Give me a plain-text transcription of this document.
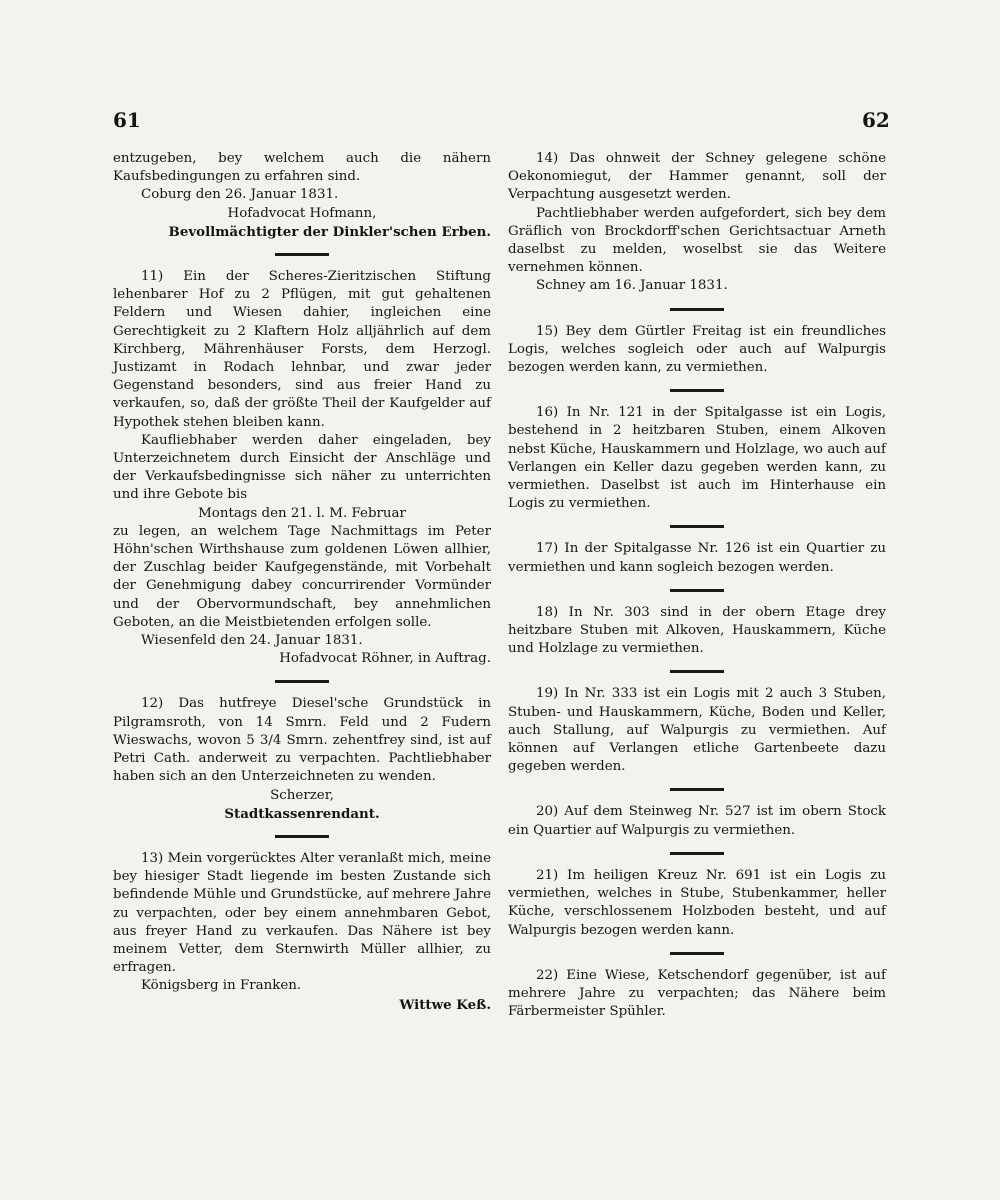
61	62

entzugeben, bey welchem auch die nähern Kaufsbedingungen zu erfahren sind.

Coburg den 26. Januar 1831.

Hofadvocat Hofmann,

Bevollmächtigter der Dinkler'schen Erben.

11) Ein der Scheres-Zieritzischen Stiftung lehenbarer Hof zu 2 Pflügen, mit gut gehaltenen Feldern und Wiesen dahier, ingleichen eine Gerechtigkeit zu 2 Klaftern Holz alljährlich auf dem Kirchberg, Mährenhäuser Forsts, dem Herzogl. Justizamt in Rodach lehnbar, und zwar jeder Gegenstand besonders, sind aus freier Hand zu verkaufen, so, daß der größte Theil der Kaufgelder auf Hypothek stehen bleiben kann.

Kaufliebhaber werden daher eingeladen, bey Unterzeichnetem durch Einsicht der Anschläge und der Verkaufsbedingnisse sich näher zu unterrichten und ihre Gebote bis

Montags den 21. l. M. Februar

zu legen, an welchem Tage Nachmittags im Peter Höhn'schen Wirthshause zum goldenen Löwen allhier, der Zuschlag beider Kaufgegenstände, mit Vorbehalt der Genehmigung dabey concurrirender Vormünder und der Obervormundschaft, bey annehmlichen Geboten, an die Meistbietenden erfolgen solle.

Wiesenfeld den 24. Januar 1831.

Hofadvocat Röhner, in Auftrag.

12) Das hutfreye Diesel'sche Grundstück in Pilgramsroth, von 14 Smrn. Feld und 2 Fudern Wieswachs, wovon 5 3/4 Smrn. zehentfrey sind, ist auf Petri Cath. anderweit zu verpachten. Pachtliebhaber haben sich an den Unterzeichneten zu wenden.

Scherzer,

Stadtkassenrendant.

13) Mein vorgerücktes Alter veranlaßt mich, meine bey hiesiger Stadt liegende im besten Zustande sich befindende Mühle und Grundstücke, auf mehrere Jahre zu verpachten, oder bey einem annehmbaren Gebot, aus freyer Hand zu verkaufen. Das Nähere ist bey meinem Vetter, dem Sternwirth Müller allhier, zu erfragen.

Königsberg in Franken.

Wittwe Keß.

14) Das ohnweit der Schney gelegene schöne Oekonomiegut, der Hammer genannt, soll der Verpachtung ausgesetzt werden.

Pachtliebhaber werden aufgefordert, sich bey dem Gräflich von Brockdorff'schen Gerichtsactuar Arneth daselbst zu melden, woselbst sie das Weitere vernehmen können.

Schney am 16. Januar 1831.

15) Bey dem Gürtler Freitag ist ein freundliches Logis, welches sogleich oder auch auf Walpurgis bezogen werden kann, zu vermiethen.

16) In Nr. 121 in der Spitalgasse ist ein Logis, bestehend in 2 heitzbaren Stuben, einem Alkoven nebst Küche, Hauskammern und Holzlage, wo auch auf Verlangen ein Keller dazu gegeben werden kann, zu vermiethen. Daselbst ist auch im Hinterhause ein Logis zu vermiethen.

17) In der Spitalgasse Nr. 126 ist ein Quartier zu vermiethen und kann sogleich bezogen werden.

18) In Nr. 303 sind in der obern Etage drey heitzbare Stuben mit Alkoven, Hauskammern, Küche und Holzlage zu vermiethen.

19) In Nr. 333 ist ein Logis mit 2 auch 3 Stuben, Stuben- und Hauskammern, Küche, Boden und Keller, auch Stallung, auf Walpurgis zu vermiethen. Auf können auf Verlangen etliche Gartenbeete dazu gegeben werden.

20) Auf dem Steinweg Nr. 527 ist im obern Stock ein Quartier auf Walpurgis zu vermiethen.

21) Im heiligen Kreuz Nr. 691 ist ein Logis zu vermiethen, welches in Stube, Stubenkammer, heller Küche, verschlossenem Holzboden besteht, und auf Walpurgis bezogen werden kann.

22) Eine Wiese, Ketschendorf gegenüber, ist auf mehrere Jahre zu verpachten; das Nähere beim Färbermeister Spühler.
